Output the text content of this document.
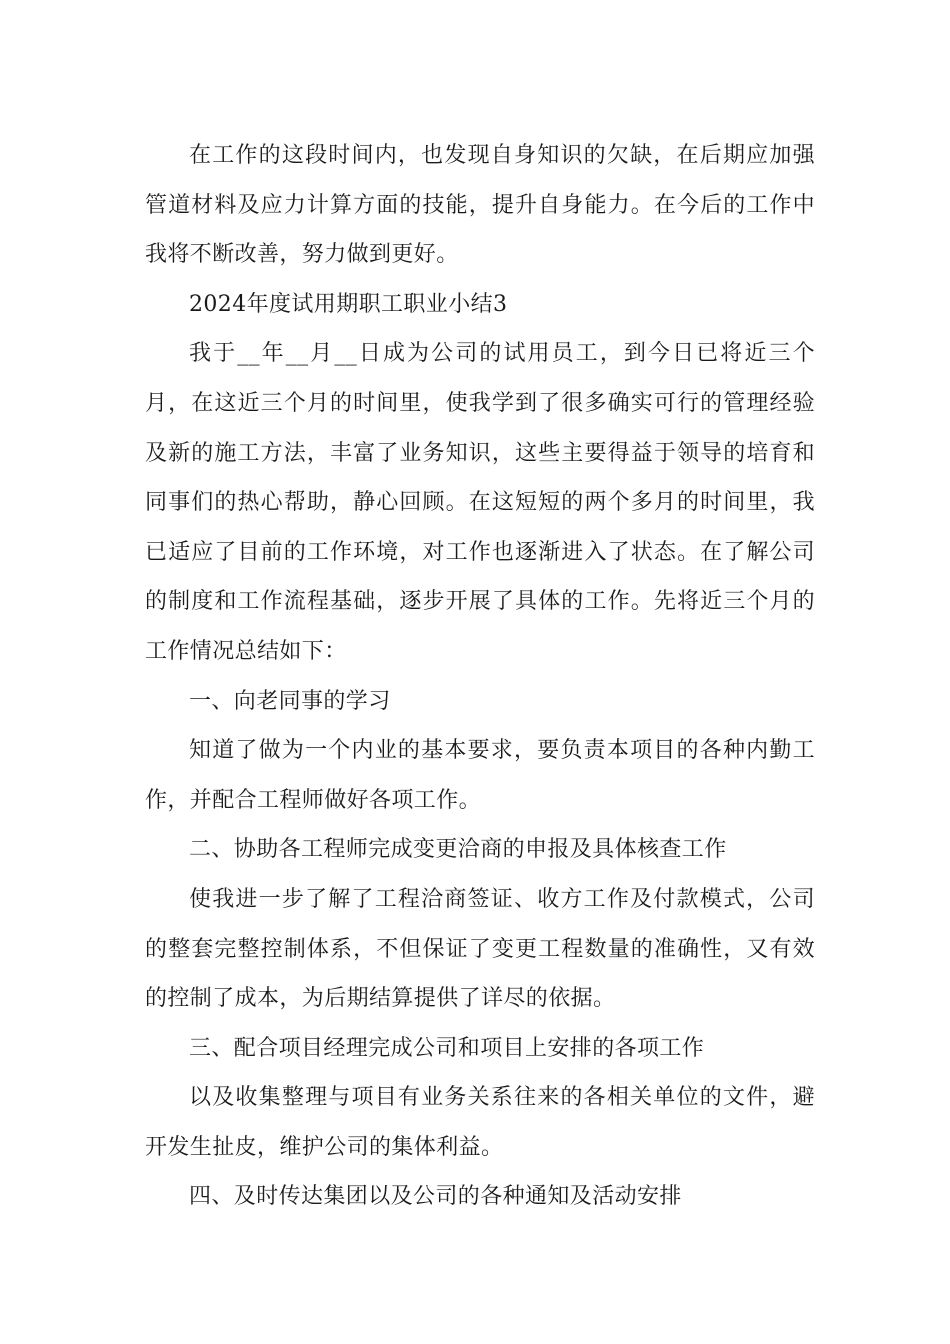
在工作的这段时间内，也发现自身知识的欠缺，在后期应加强管道材料及应力计算方面的技能，提升自身能力。在今后的工作中我将不断改善，努力做到更好。

2024年度试用期职工职业小结3

我于__年__月__日成为公司的试用员工，到今日已将近三个月，在这近三个月的时间里，使我学到了很多确实可行的管理经验及新的施工方法，丰富了业务知识，这些主要得益于领导的培育和同事们的热心帮助，静心回顾。在这短短的两个多月的时间里，我已适应了目前的工作环境，对工作也逐渐进入了状态。在了解公司的制度和工作流程基础，逐步开展了具体的工作。先将近三个月的工作情况总结如下：

一、向老同事的学习

知道了做为一个内业的基本要求，要负责本项目的各种内勤工作，并配合工程师做好各项工作。

二、协助各工程师完成变更洽商的申报及具体核查工作

使我进一步了解了工程洽商签证、收方工作及付款模式，公司的整套完整控制体系，不但保证了变更工程数量的准确性，又有效的控制了成本，为后期结算提供了详尽的依据。

三、配合项目经理完成公司和项目上安排的各项工作

以及收集整理与项目有业务关系往来的各相关单位的文件，避开发生扯皮，维护公司的集体利益。

四、及时传达集团以及公司的各种通知及活动安排
